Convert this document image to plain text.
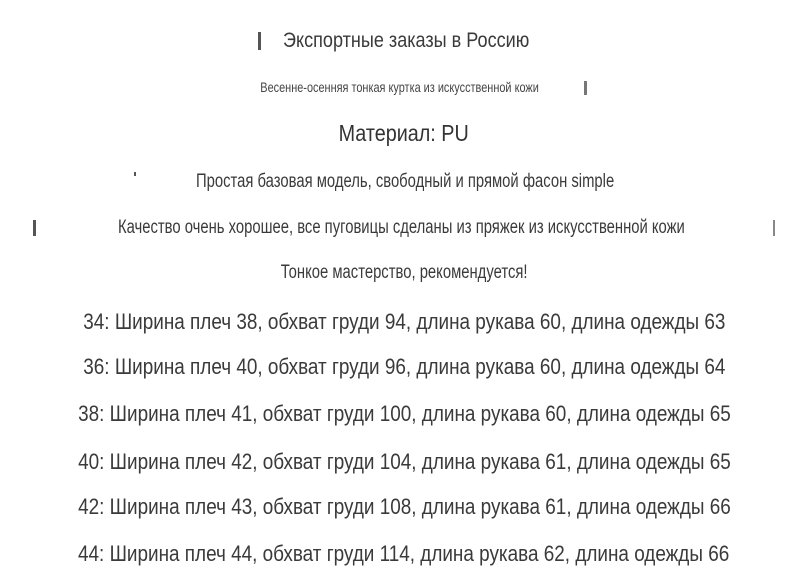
Экспортные заказы в Россию
Весенне-осенняя тонкая куртка из искусственной кожи
Материал: PU
Простая базовая модель, свободный и прямой фасон simple
Качество очень хорошее, все пуговицы сделаны из пряжек из искусственной кожи
Тонкое мастерство, рекомендуется!
34: Ширина плеч 38, обхват груди 94, длина рукава 60, длина одежды 63
36: Ширина плеч 40, обхват груди 96, длина рукава 60, длина одежды 64
38: Ширина плеч 41, обхват груди 100, длина рукава 60, длина одежды 65
40: Ширина плеч 42, обхват груди 104, длина рукава 61, длина одежды 65
42: Ширина плеч 43, обхват груди 108, длина рукава 61, длина одежды 66
44: Ширина плеч 44, обхват груди 114, длина рукава 62, длина одежды 66
